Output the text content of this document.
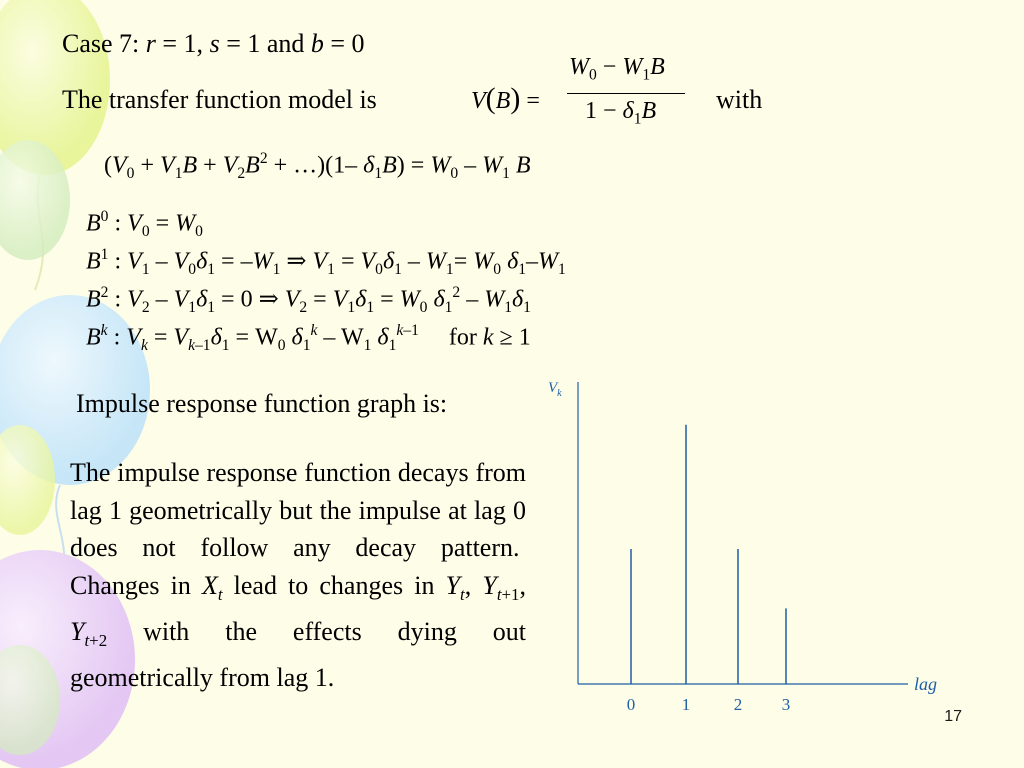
Case 7: r = 1, s = 1 and b = 0
The transfer function model is	V(B) =
$W_0 - W_1B$
$1 - \delta_1B$ with
($V_0 + V_1B + V_2B^2$ + …)(1– $\delta_1B) = W_0 - W_1$ B
$B^0$ : $V_0 = W_0$
$B^1$ : $V_1 - V_0\delta_1 = -W_1$ ⇒ $V_1 = V_0\delta_1 - W_1= W_0$ $\delta_1-W_1$
$B^2$ : $V_2 - V_1\delta_1 = 0$ ⇒ $V_2 = V_1\delta_1 = W_0$ $\delta_1^2 - W_1\delta_1$
$B^k$ : $V_k = V_{k-1}\delta_1 = W_0$ $\delta_1^k - W_1$ $\delta_1^{k-1}$     for k ≥ 1
Impulse response function graph is:
The impulse response function decays from lag 1 geometrically but the impulse at lag 0 does not follow any decay pattern.  Changes in $X_t$ lead to changes in $Y_t$, $Y_{t+1}$, $Y_{t+2}$ with the effects dying out geometrically from lag 1.
$V_k$
lag
0	1	2 3
17
